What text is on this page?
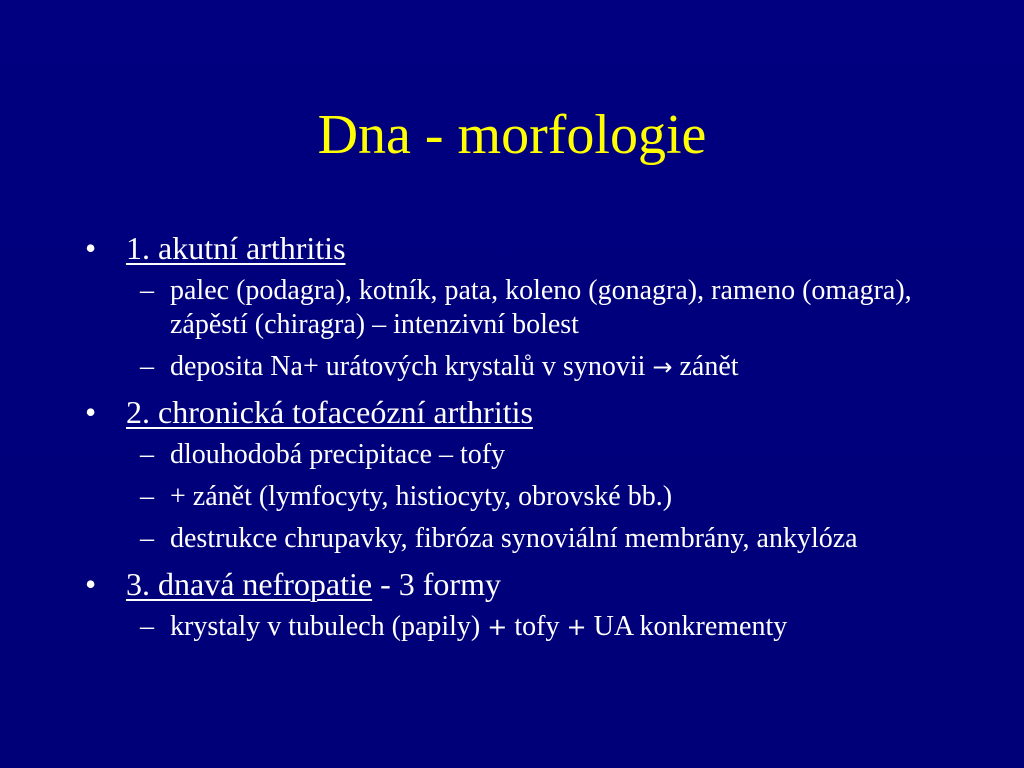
Dna - morfologie
• 1. akutní arthritis
– palec (podagra), kotník, pata, koleno (gonagra), rameno (omagra), zápěstí (chiragra) – intenzivní bolest
– deposita Na+ urátových krystalů v synovii → zánět
• 2. chronická tofaceózní arthritis
– dlouhodobá precipitace – tofy
– + zánět (lymfocyty, histiocyty, obrovské bb.)
– destrukce chrupavky, fibróza synoviální membrány, ankylóza
• 3. dnavá nefropatie - 3 formy
– krystaly v tubulech (papily) + tofy + UA konkrementy
